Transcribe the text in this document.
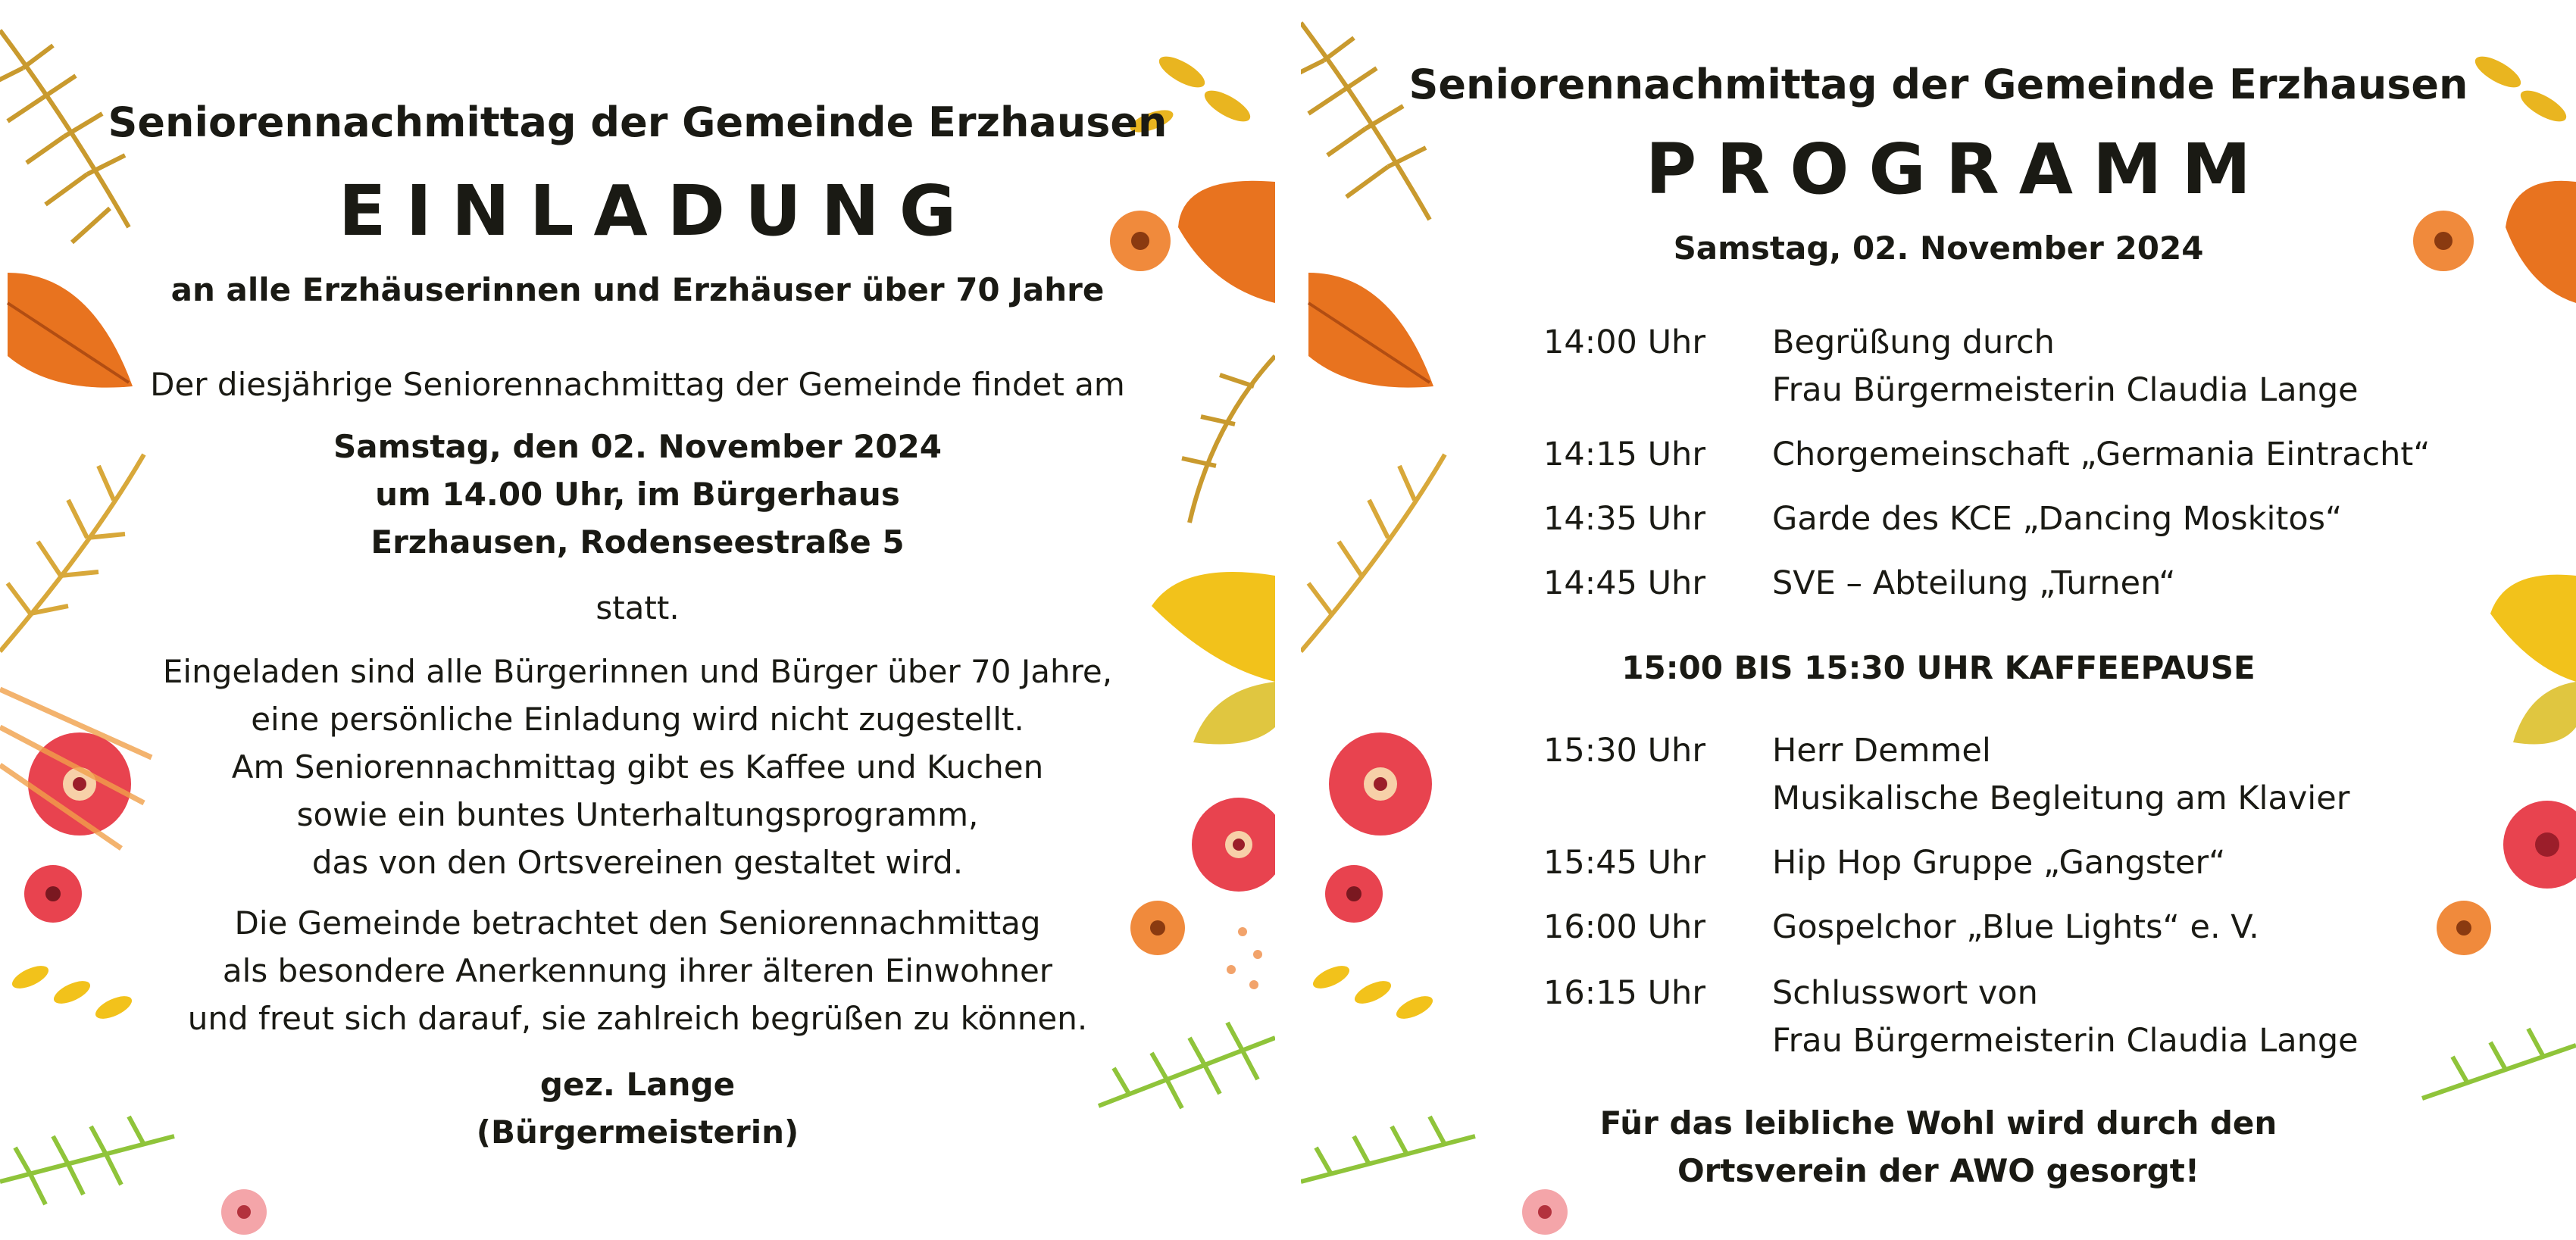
Seniorennachmittag der Gemeinde Erzhausen
EINLADUNG
an alle Erzhäuserinnen und Erzhäuser über 70 Jahre
Der diesjährige Seniorennachmittag der Gemeinde findet am
Samstag, den 02. November 2024
um 14.00 Uhr, im Bürgerhaus
Erzhausen, Rodenseestraße 5
statt.
Eingeladen sind alle Bürgerinnen und Bürger über 70 Jahre,
eine persönliche Einladung wird nicht zugestellt.
Am Seniorennachmittag gibt es Kaffee und Kuchen
sowie ein buntes Unterhaltungsprogramm,
das von den Ortsvereinen gestaltet wird.
Die Gemeinde betrachtet den Seniorennachmittag
als besondere Anerkennung ihrer älteren Einwohner
und freut sich darauf, sie zahlreich begrüßen zu können.
gez. Lange
(Bürgermeisterin)
Seniorennachmittag der Gemeinde Erzhausen
PROGRAMM
Samstag, 02. November 2024
14:00 Uhr Begrüßung durch
Frau Bürgermeisterin Claudia Lange
14:15 Uhr Chorgemeinschaft „Germania Eintracht“
14:35 Uhr Garde des KCE „Dancing Moskitos“
14:45 Uhr SVE – Abteilung „Turnen“
15:00 BIS 15:30 UHR KAFFEEPAUSE
15:30 Uhr Herr Demmel
Musikalische Begleitung am Klavier
15:45 Uhr Hip Hop Gruppe „Gangster“
16:00 Uhr Gospelchor „Blue Lights“ e. V.
16:15 Uhr Schlusswort von
Frau Bürgermeisterin Claudia Lange
Für das leibliche Wohl wird durch den
Ortsverein der AWO gesorgt!
